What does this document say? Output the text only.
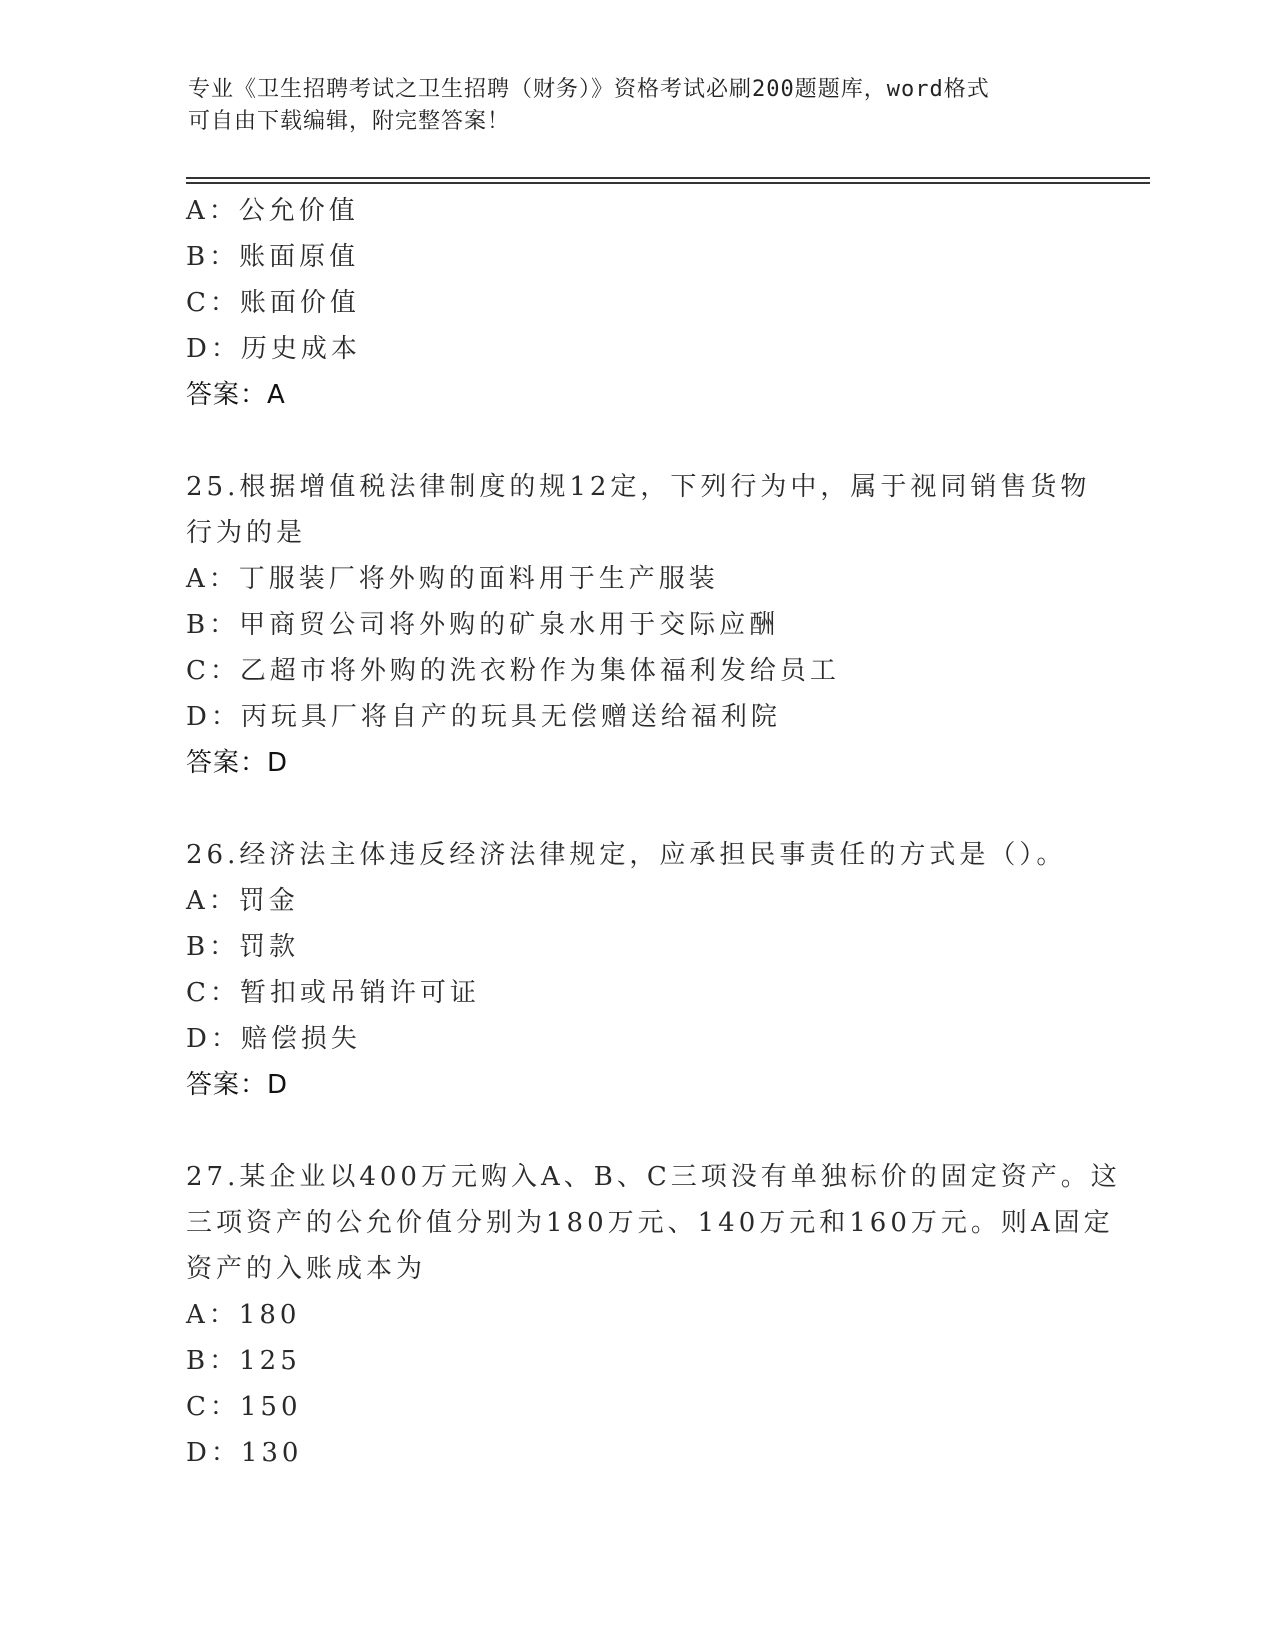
专业《卫生招聘考试之卫生招聘（财务）》资格考试必刷200题题库，word格式
可自由下载编辑，附完整答案！
A：公允价值
B：账面原值
C：账面价值
D：历史成本
答案：A
25.根据增值税法律制度的规12定，下列行为中，属于视同销售货物
行为的是
A：丁服装厂将外购的面料用于生产服装
B：甲商贸公司将外购的矿泉水用于交际应酬
C：乙超市将外购的洗衣粉作为集体福利发给员工
D：丙玩具厂将自产的玩具无偿赠送给福利院
答案：D
26.经济法主体违反经济法律规定，应承担民事责任的方式是（）。
A：罚金
B：罚款
C：暂扣或吊销许可证
D：赔偿损失
答案：D
27.某企业以400万元购入A、B、C三项没有单独标价的固定资产。这
三项资产的公允价值分别为180万元、140万元和160万元。则A固定
资产的入账成本为
A：180
B：125
C：150
D：130
